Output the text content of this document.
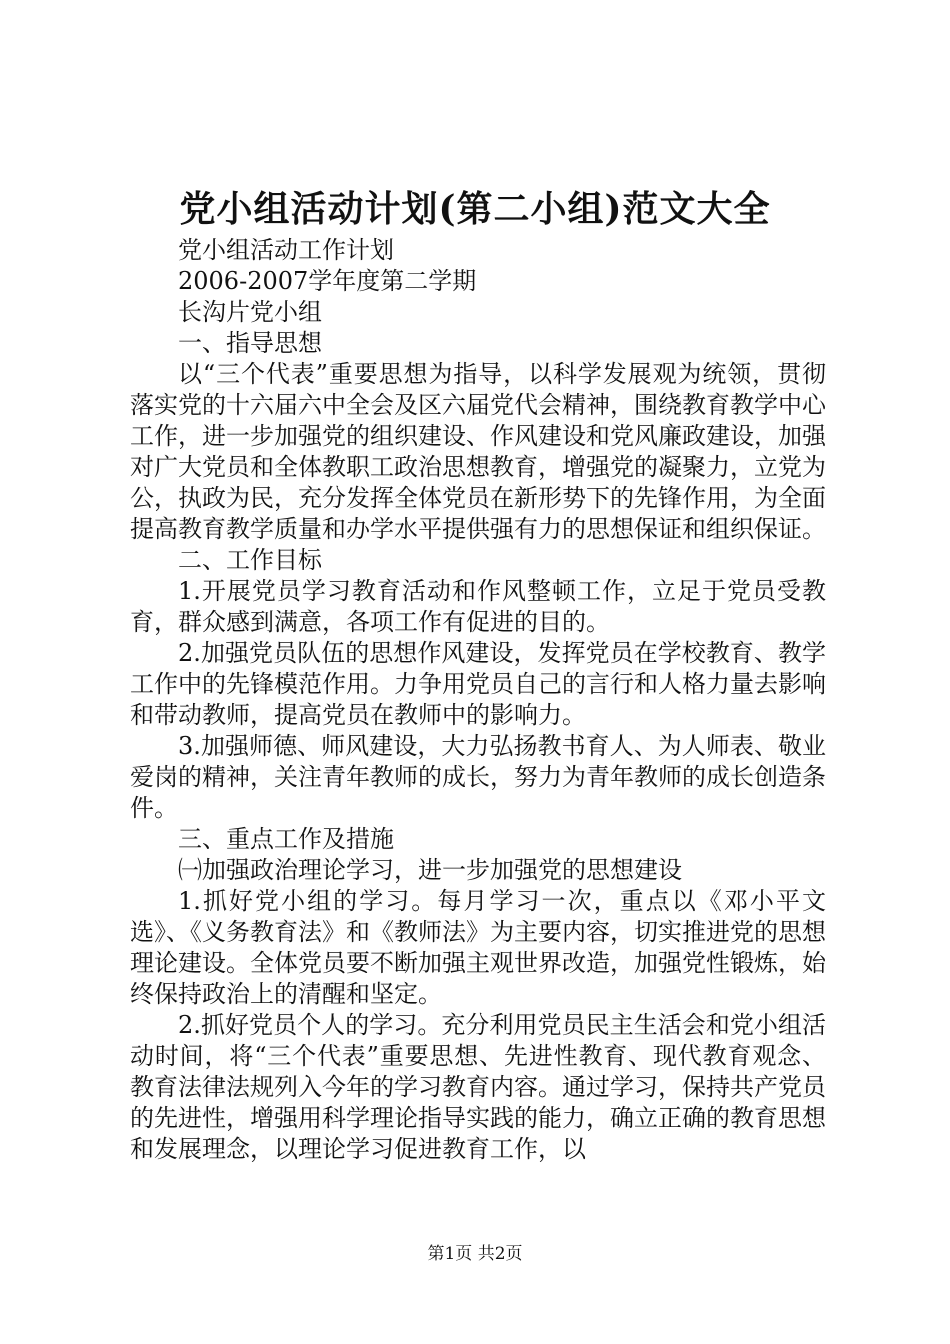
党小组活动计划(第二小组)范文大全

党小组活动工作计划

2006-2007学年度第二学期

长沟片党小组

一、指导思想

以“三个代表”重要思想为指导，以科学发展观为统领，贯彻落实党的十六届六中全会及区六届党代会精神，围绕教育教学中心工作，进一步加强党的组织建设、作风建设和党风廉政建设，加强对广大党员和全体教职工政治思想教育，增强党的凝聚力，立党为公，执政为民，充分发挥全体党员在新形势下的先锋作用，为全面提高教育教学质量和办学水平提供强有力的思想保证和组织保证。

二、工作目标

1.开展党员学习教育活动和作风整顿工作，立足于党员受教育，群众感到满意，各项工作有促进的目的。

2.加强党员队伍的思想作风建设，发挥党员在学校教育、教学工作中的先锋模范作用。力争用党员自己的言行和人格力量去影响和带动教师，提高党员在教师中的影响力。

3.加强师德、师风建设，大力弘扬教书育人、为人师表、敬业爱岗的精神，关注青年教师的成长，努力为青年教师的成长创造条件。

三、重点工作及措施

㈠加强政治理论学习，进一步加强党的思想建设

1.抓好党小组的学习。每月学习一次，重点以《邓小平文选》、《义务教育法》和《教师法》为主要内容，切实推进党的思想理论建设。全体党员要不断加强主观世界改造，加强党性锻炼，始终保持政治上的清醒和坚定。

2.抓好党员个人的学习。充分利用党员民主生活会和党小组活动时间，将“三个代表”重要思想、先进性教育、现代教育观念、教育法律法规列入今年的学习教育内容。通过学习，保持共产党员的先进性，增强用科学理论指导实践的能力，确立正确的教育思想和发展理念，以理论学习促进教育工作，以

第1页 共2页
